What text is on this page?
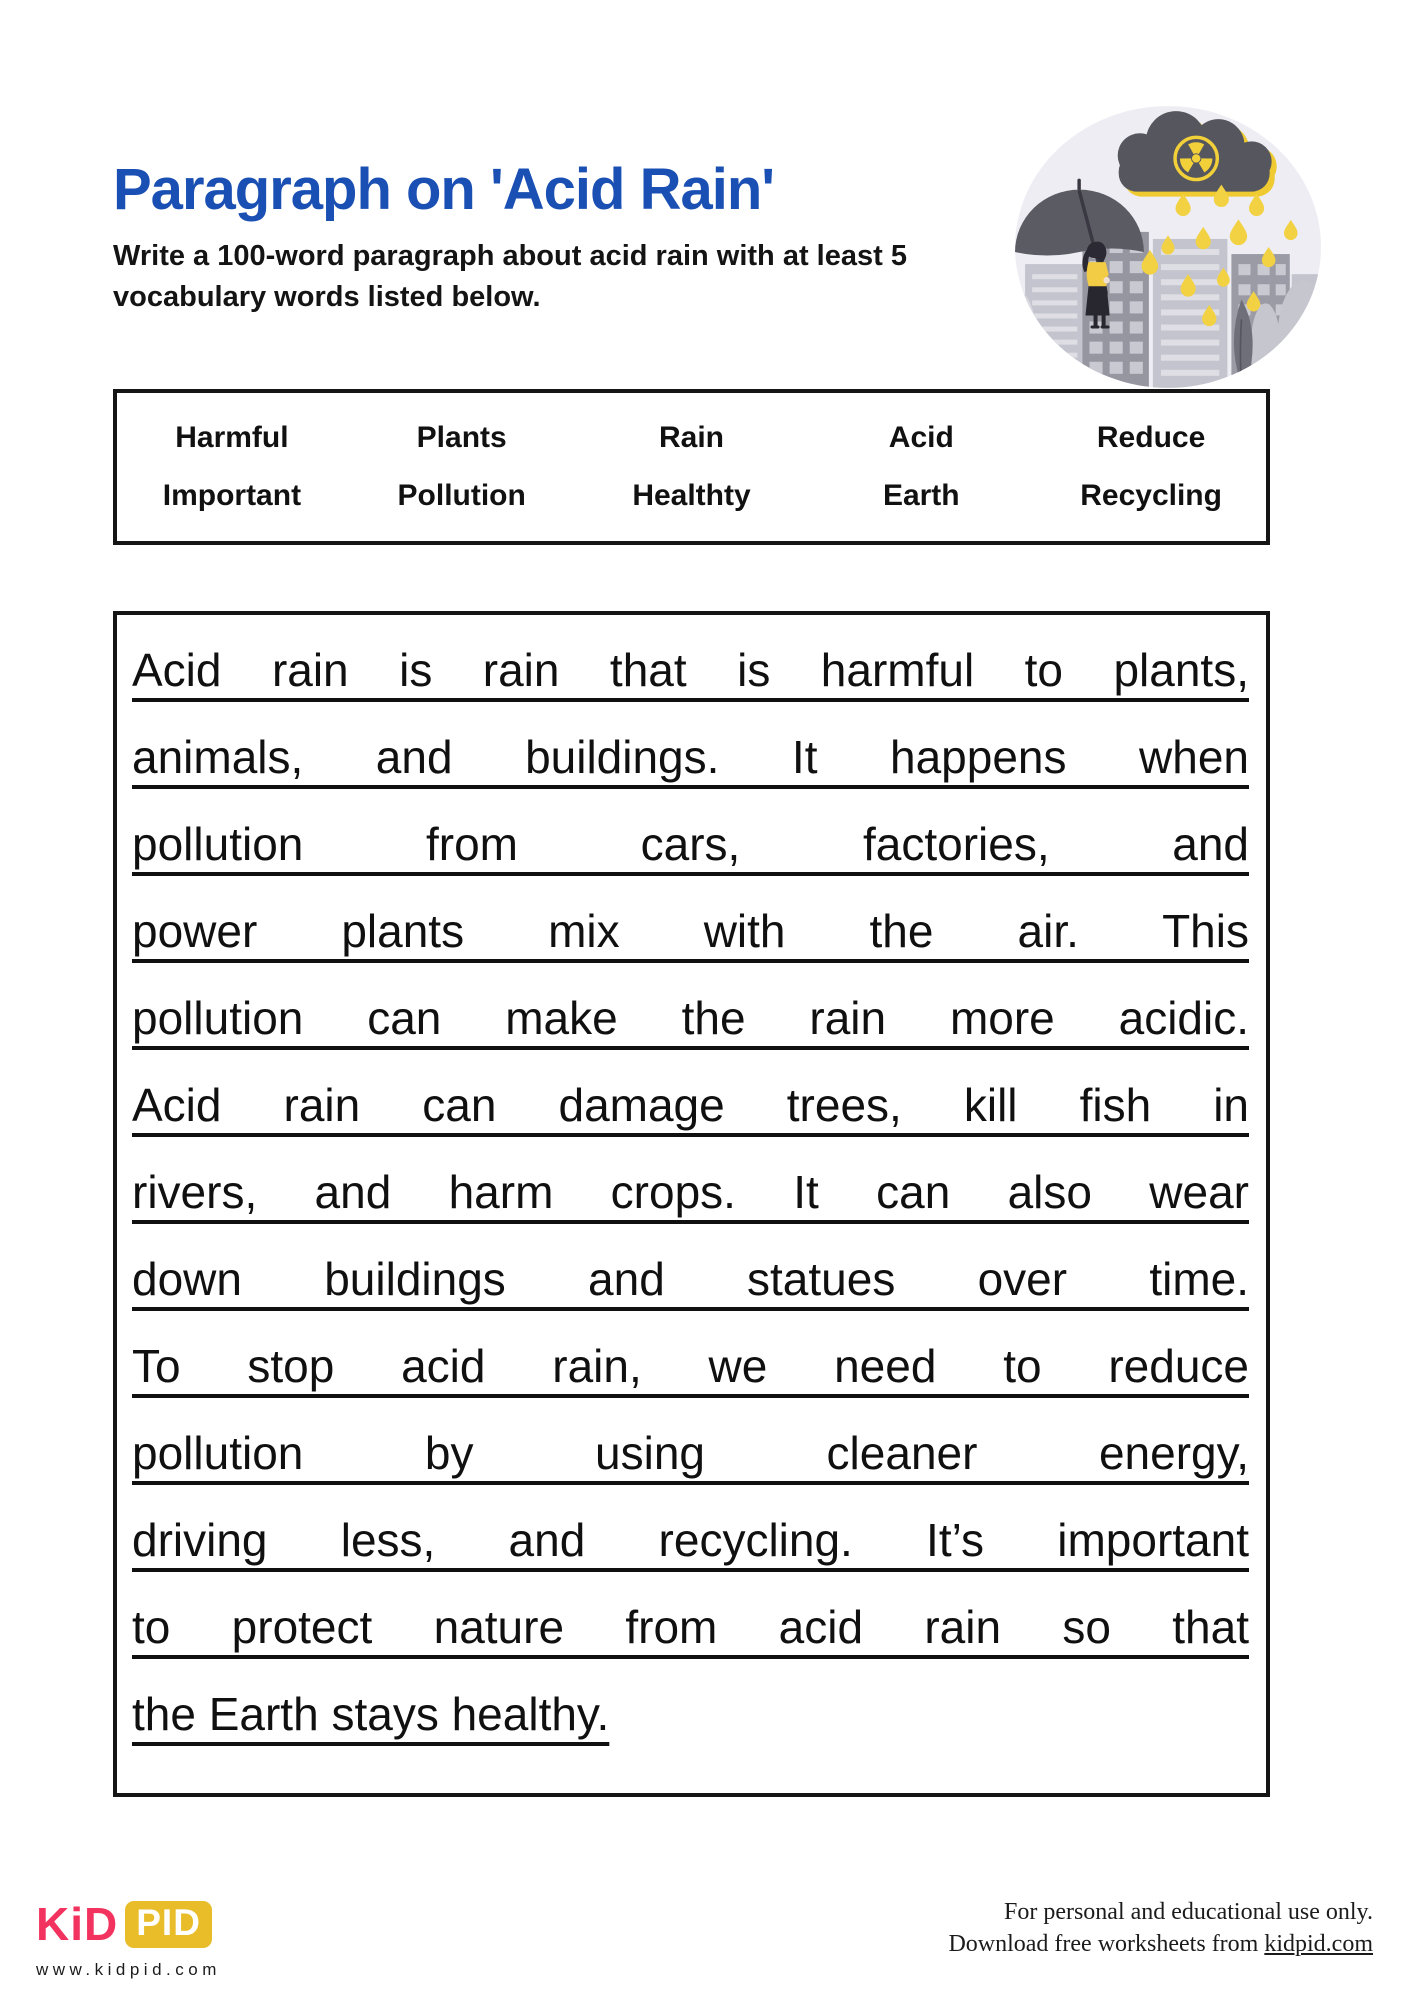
Paragraph on 'Acid Rain'

Write a 100-word paragraph about acid rain with at least 5
vocabulary words listed below.

Harmful	Plants	Rain	Acid	Reduce
Important	Pollution	Healthty	Earth	Recycling
Acid rain is rain that is harmful to plants,
animals, and buildings. It happens when
pollution from cars, factories, and
power plants mix with the air. This
pollution can make the rain more acidic.
Acid rain can damage trees, kill fish in
rivers, and harm crops. It can also wear
down buildings and statues over time.
To stop acid rain, we need to reduce
pollution by using cleaner energy,
driving less, and recycling. It’s important
to protect nature from acid rain so that
the Earth stays healthy.
KiD PID
www.kidpid.com
For personal and educational use only.
Download free worksheets from kidpid.com
